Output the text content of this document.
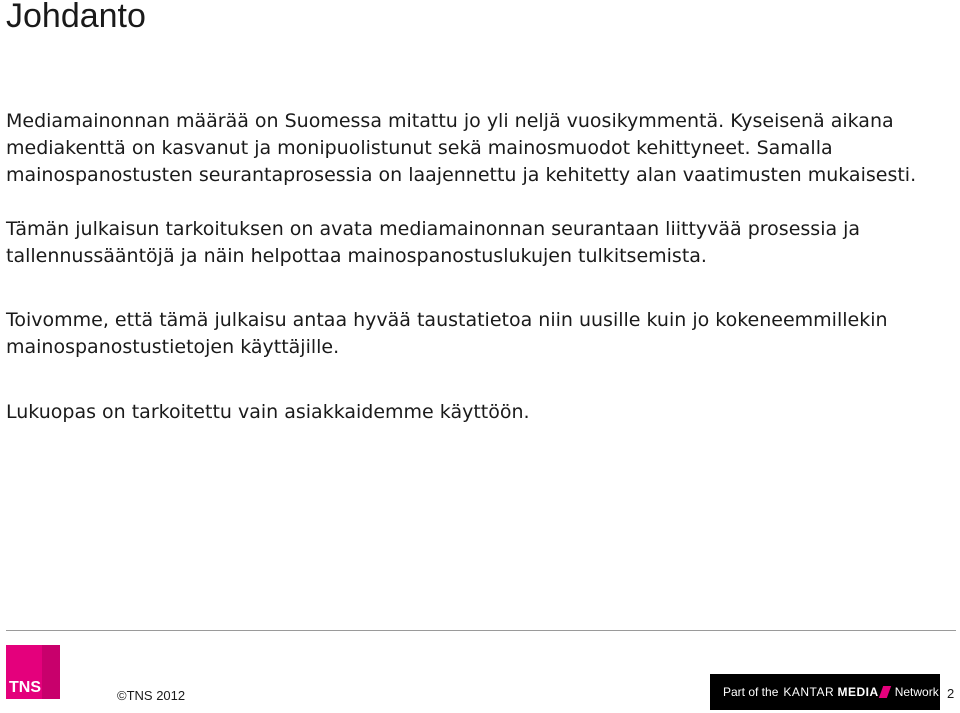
Johdanto

Mediamainonnan määrää on Suomessa mitattu jo yli neljä vuosikymmentä. Kyseisenä aikana mediakenttä on kasvanut ja monipuolistunut sekä mainosmuodot kehittyneet. Samalla mainospanostusten seurantaprosessia on laajennettu ja kehitetty alan vaatimusten mukaisesti.

Tämän julkaisun tarkoituksen on avata mediamainonnan seurantaan liittyvää prosessia ja tallennussääntöjä ja näin helpottaa mainospanostuslukujen tulkitsemista.

Toivomme, että tämä julkaisu antaa hyvää taustatietoa niin uusille kuin jo kokeneemmillekin mainospanostustietojen käyttäjille.

Lukuopas on tarkoitettu vain asiakkaidemme käyttöön.

TNS	©TNS 2012	Part of the KANTAR
MEDIA Network 2
